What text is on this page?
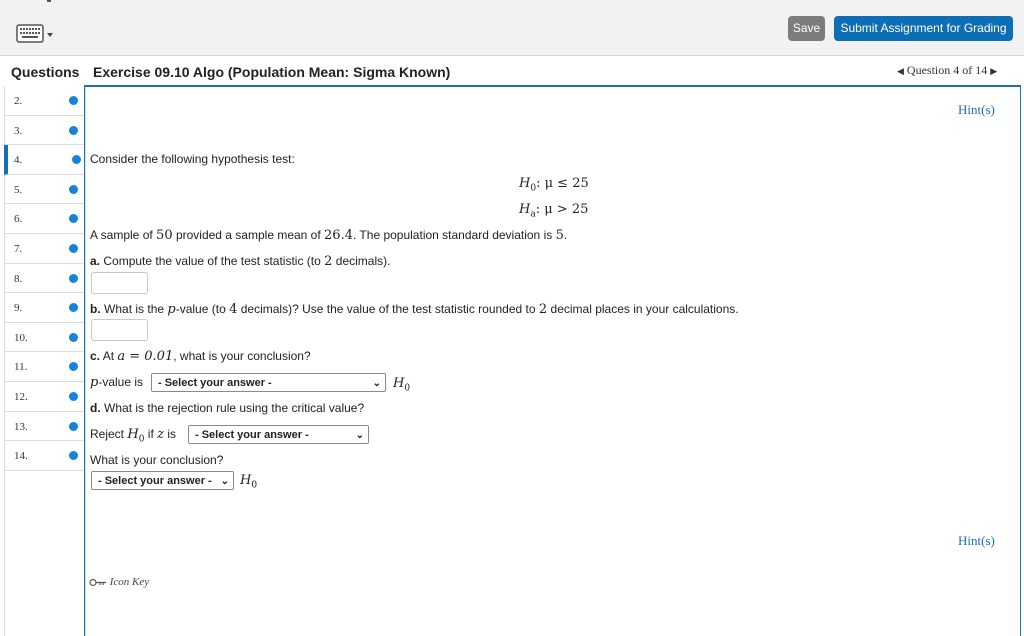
Save	Submit Assignment for Grading
Questions
2.
3.
4.
5.
6.
7.
8.
9.
10.
11.
12.
13.
14.
Exercise 09.10 Algo (Population Mean: Sigma Known)	◀ Question 4 of 14 ▶
Hint(s)
Consider the following hypothesis test:
$H_0$: μ ≤ 25
$H_a$: μ > 25
A sample of 50 provided a sample mean of 26.4. The population standard deviation is 5.
a. Compute the value of the test statistic (to 2 decimals).
b. What is the p-value (to 4 decimals)? Use the value of the test statistic rounded to 2 decimal places in your calculations.
c. At a = 0.01, what is your conclusion?
p-value is	- Select your answer -	⌄ $H_0$
d. What is the rejection rule using the critical value?
Reject $H_0$ if z is	- Select your answer -	⌄
What is your conclusion?
- Select your answer - ⌄ $H_0$
Hint(s)
Icon Key
